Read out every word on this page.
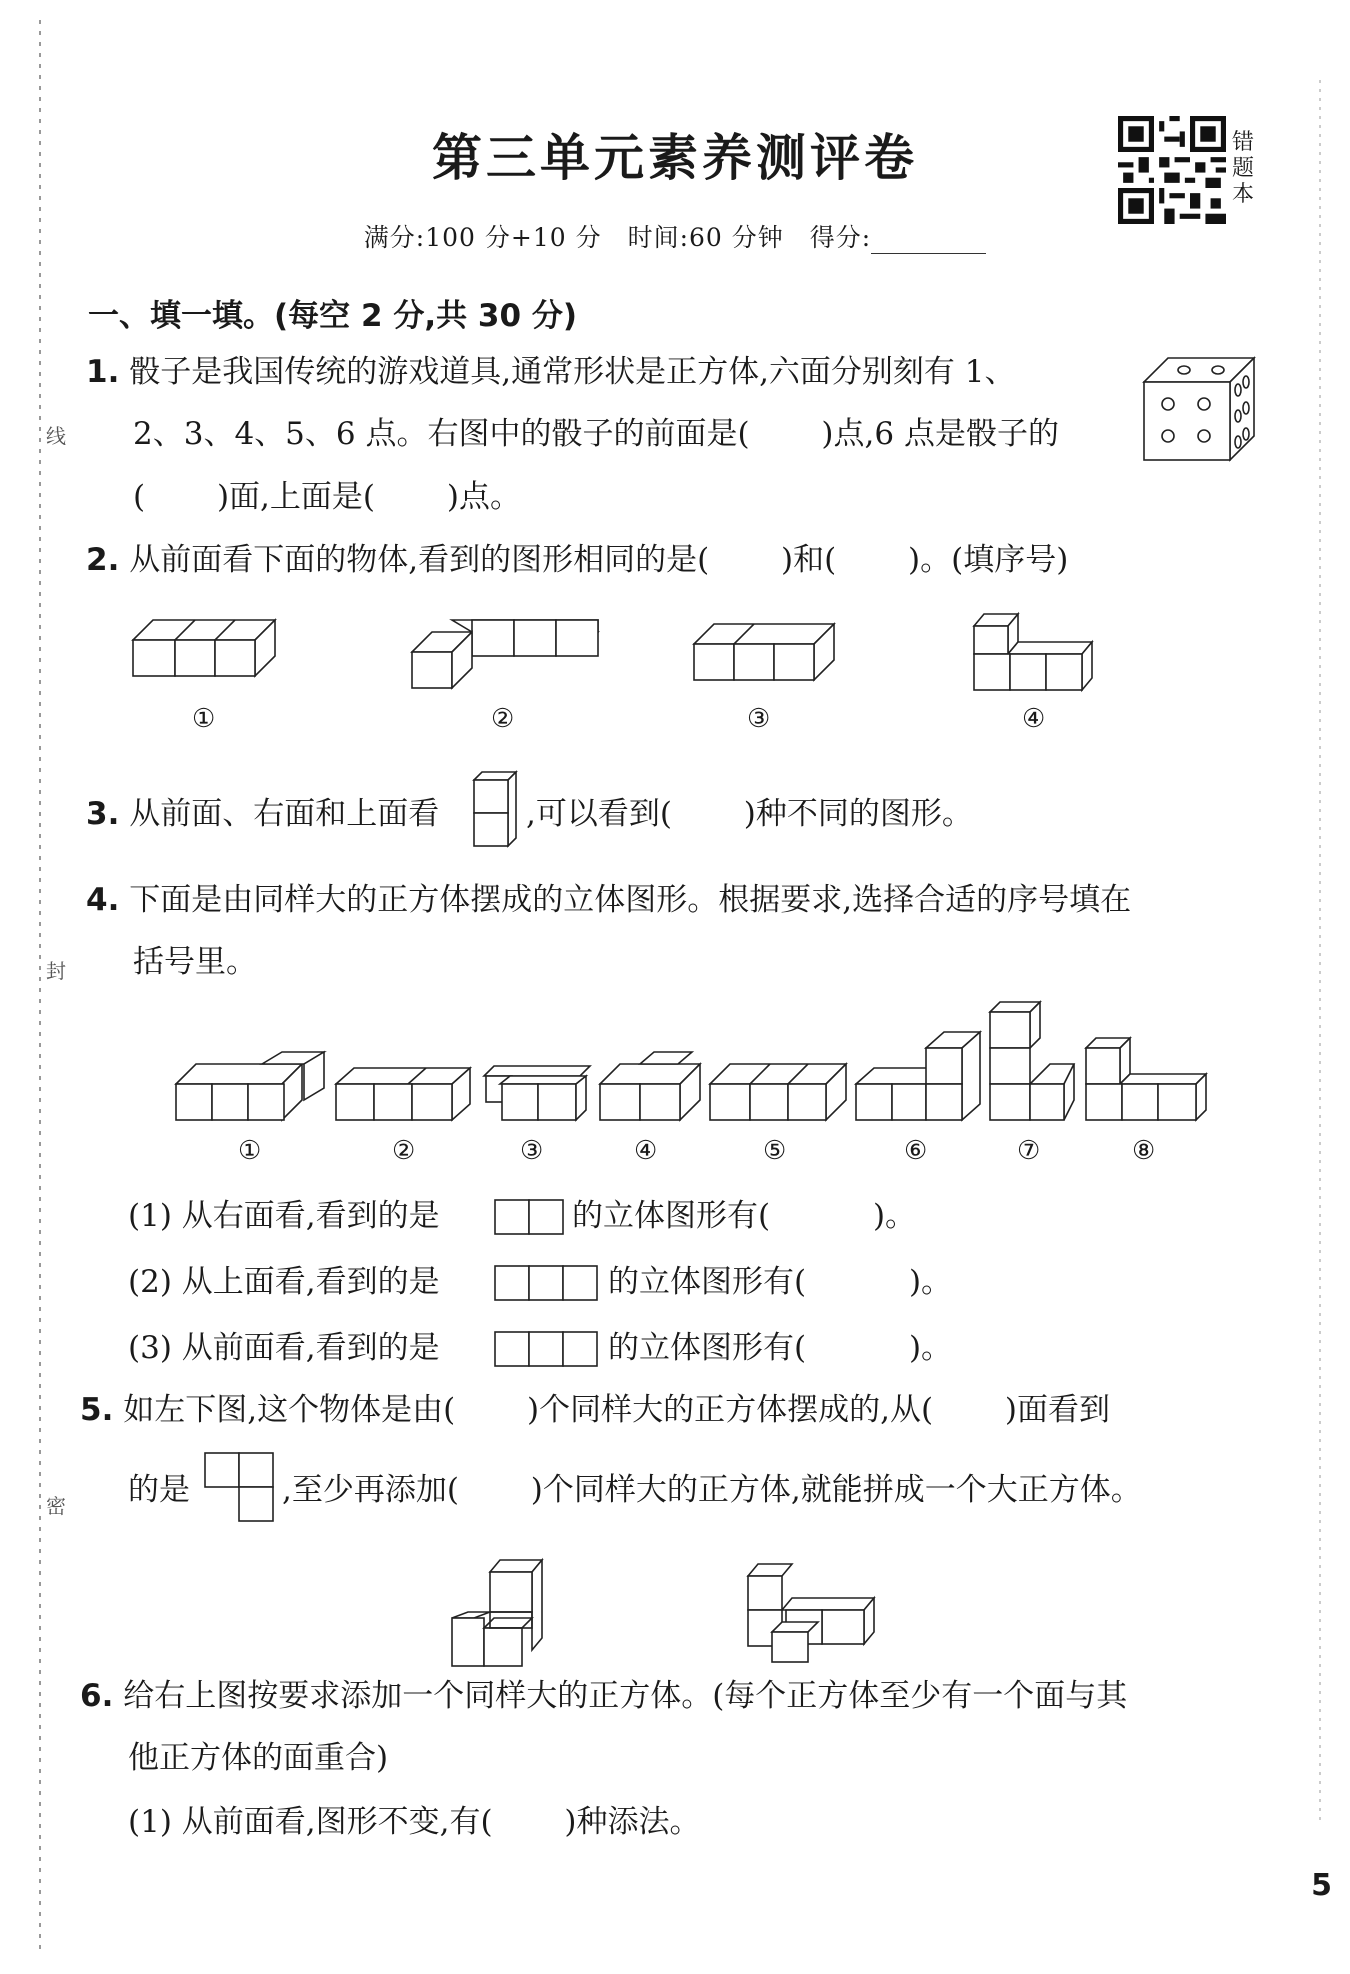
线
封
密
第三单元素养测评卷
满分:100 分+10 分　时间:60 分钟　得分:
错题本
一、填一填。(每空 2 分,共 30 分)
1. 骰子是我国传统的游戏道具,通常形状是正方体,六面分别刻有 1、
2、3、4、5、6 点。右图中的骰子的前面是(　　 )点,6 点是骰子的
(　　 )面,上面是(　　 )点。
2. 从前面看下面的物体,看到的图形相同的是(　　 )和(　　 )。(填序号)
①	②	③	④
3. 从前面、右面和上面看	,可以看到(　　 )种不同的图形。
4. 下面是由同样大的正方体摆成的立体图形。根据要求,选择合适的序号填在
括号里。
①	②	③	④	⑤	⑥	⑦	⑧
(1) 从右面看,看到的是	的立体图形有(　　　 )。
(2) 从上面看,看到的是	的立体图形有(　　　 )。
(3) 从前面看,看到的是	的立体图形有(　　　 )。
5. 如左下图,这个物体是由(　　 )个同样大的正方体摆成的,从(　　 )面看到
的是	,至少再添加(　　 )个同样大的正方体,就能拼成一个大正方体。
6. 给右上图按要求添加一个同样大的正方体。(每个正方体至少有一个面与其
他正方体的面重合)
(1) 从前面看,图形不变,有(　　 )种添法。
5
